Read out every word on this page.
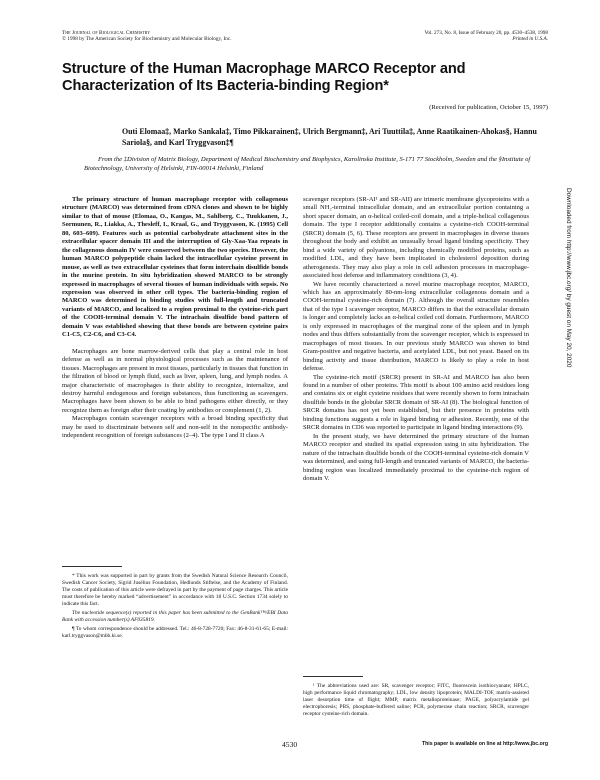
The Journal of Biological Chemistry
© 1998 by The American Society for Biochemistry and Molecular Biology, Inc.
Vol. 273, No. 8, Issue of February 20, pp. 4530–4538, 1998
Printed in U.S.A.
Structure of the Human Macrophage MARCO Receptor and Characterization of Its Bacteria-binding Region*
(Received for publication, October 15, 1997)
Outi Elomaa‡, Marko Sankala‡, Timo Pikkarainen‡, Ulrich Bergmann‡, Ari Tuuttila‡, Anne Raatikainen-Ahokas§, Hannu Sariola§, and Karl Tryggvason‡¶
From the ‡Division of Matrix Biology, Department of Medical Biochemistry and Biophysics, Karolinska Institute, S-171 77 Stockholm, Sweden and the §Institute of Biotechnology, University of Helsinki, FIN-00014 Helsinki, Finland

The primary structure of human macrophage receptor with collagenous structure (MARCO) was determined from cDNA clones and shown to be highly similar to that of mouse (Elomaa, O., Kangas, M., Sahlberg, C., Tuukkanen, J., Sormunen, R., Liakka, A., Thesleff, I., Kraal, G., and Tryggvason, K. (1995) Cell 80, 603–609). Features such as potential carbohydrate attachment sites in the extracellular spacer domain III and the interruption of Gly-Xaa-Yaa repeats in the collagenous domain IV were conserved between the two species. However, the human MARCO polypeptide chain lacked the intracellular cysteine present in mouse, as well as two extracellular cysteines that form interchain disulfide bonds in the murine protein. In situ hybridization showed MARCO to be strongly expressed in macrophages of several tissues of human individuals with sepsis. No expression was observed in other cell types. The bacteria-binding region of MARCO was determined in binding studies with full-length and truncated variants of MARCO, and localized to a region proximal to the cysteine-rich part of the COOH-terminal domain V. The intrachain disulfide bond pattern of domain V was established showing that these bonds are between cysteine pairs C1-C5, C2-C6, and C3-C4.

Macrophages are bone marrow-derived cells that play a central role in host defense as well as in normal physiological processes such as the maintenance of tissues. Macrophages are present in most tissues, particularly in tissues that function in the filtration of blood or lymph fluid, such as liver, spleen, lung, and lymph nodes. A major characteristic of macrophages is their ability to recognize, internalize, and destroy harmful endogenous and foreign substances, thus functioning as scavengers. Macrophages have been shown to be able to bind pathogens either directly, or they recognize them as foreign after their coating by antibodies or complement (1, 2).

Macrophages contain scavenger receptors with a broad binding specificity that may be used to discriminate between self and non-self in the nonspecific antibody-independent recognition of foreign substances (2–4). The type I and II class A

scavenger receptors (SR-AI¹ and SR-AII) are trimeric membrane glycoproteins with a small NH₂-terminal intracellular domain, and an extracellular portion containing a short spacer domain, an α-helical coiled-coil domain, and a triple-helical collagenous domain. The type I receptor additionally contains a cysteine-rich COOH-terminal (SRCR) domain (5, 6). These receptors are present in macrophages in diverse tissues throughout the body and exhibit an unusually broad ligand binding specificity. They bind a wide variety of polyanions, including chemically modified proteins, such as modified LDL, and they have been implicated in cholesterol deposition during atherogenesis. They may also play a role in cell adhesion processes in macrophage-associated host defense and inflammatory conditions (3, 4).

We have recently characterized a novel murine macrophage receptor, MARCO, which has an approximately 80-nm-long extracellular collagenous domain and a COOH-terminal cysteine-rich domain (7). Although the overall structure resembles that of the type I scavenger receptor, MARCO differs in that the extracellular domain is longer and completely lacks an α-helical coiled coil domain. Furthermore, MARCO is only expressed in macrophages of the marginal zone of the spleen and in lymph nodes and thus differs substantially from the scavenger receptor, which is expressed in macrophages of most tissues. In our previous study MARCO was shown to bind Gram-positive and negative bacteria, and acetylated LDL, but not yeast. Based on its binding activity and tissue distribution, MARCO is likely to play a role in host defense.

The cysteine-rich motif (SRCR) present in SR-AI and MARCO has also been found in a number of other proteins. This motif is about 100 amino acid residues long and contains six or eight cysteine residues that were recently shown to form intrachain disulfide bonds in the globular SRCR domain of SR-AI (8). The biological function of SRCR domains has not yet been established, but their presence in proteins with binding functions suggests a role in ligand binding or adhesion. Recently, one of the SRCR domains in CD6 was reported to participate in ligand binding interactions (9).

In the present study, we have determined the primary structure of the human MARCO receptor and studied its spatial expression using in situ hybridization. The nature of the intrachain disulfide bonds of the COOH-terminal cysteine-rich domain V was determined, and using full-length and truncated variants of MARCO, the bacteria-binding region was localized immediately proximal to the cysteine-rich region of domain V.

* This work was supported in part by grants from the Swedish Natural Science Research Council, Swedish Cancer Society, Sigrid Jusélius Foundation, Hedlunds Stiftelse, and the Academy of Finland. The costs of publication of this article were defrayed in part by the payment of page charges. This article must therefore be hereby marked “advertisement” in accordance with 18 U.S.C. Section 1734 solely to indicate this fact.

The nucleotide sequence(s) reported in this paper has been submitted to the GenBank™/EBI Data Bank with accession number(s) AF035819.

¶ To whom correspondence should be addressed. Tel.: 46-8-728-7720; Fax: 46-8-31-61-65; E-mail: karl.tryggvason@mbb.ki.se.

¹ The abbreviations used are: SR, scavenger receptor; FITC, fluorescein isothiocyanate; HPLC, high performance liquid chromatography; LDL, low density lipoprotein; MALDI-TOF, matrix-assisted laser desorption time of flight; MMP, matrix metalloproteinase; PAGE, polyacrylamide gel electrophoresis; PBS, phosphate-buffered saline; PCR, polymerase chain reaction; SRCR, scavenger receptor cysteine-rich domain.

4530	This paper is available on line at http://www.jbc.org
Downloaded from http://www.jbc.org/ by guest on May 20, 2020
